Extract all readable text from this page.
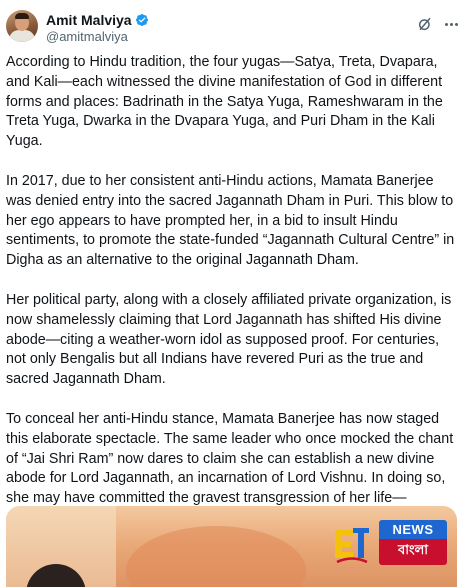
Amit Malviya
@amitmalviya

According to Hindu tradition, the four yugas—Satya, Treta, Dvapara, and Kali—each witnessed the divine manifestation of God in different forms and places: Badrinath in the Satya Yuga, Rameshwaram in the Treta Yuga, Dwarka in the Dvapara Yuga, and Puri Dham in the Kali Yuga.

In 2017, due to her consistent anti-Hindu actions, Mamata Banerjee was denied entry into the sacred Jagannath Dham in Puri. This blow to her ego appears to have prompted her, in a bid to insult Hindu sentiments, to promote the state-funded “Jagannath Cultural Centre” in Digha as an alternative to the original Jagannath Dham.

Her political party, along with a closely affiliated private organization, is now shamelessly claiming that Lord Jagannath has shifted His divine abode—citing a weather-worn idol as supposed proof. For centuries, not only Bengalis but all Indians have revered Puri as the true and sacred Jagannath Dham.

To conceal her anti-Hindu stance, Mamata Banerjee has now staged this elaborate spectacle. The same leader who once mocked the chant of “Jai Shri Ram” now dares to claim she can establish a new divine abode for Lord Jagannath, an incarnation of Lord Vishnu. In doing so, she may have committed the gravest transgression of her life—

NEWS
বাংলা
